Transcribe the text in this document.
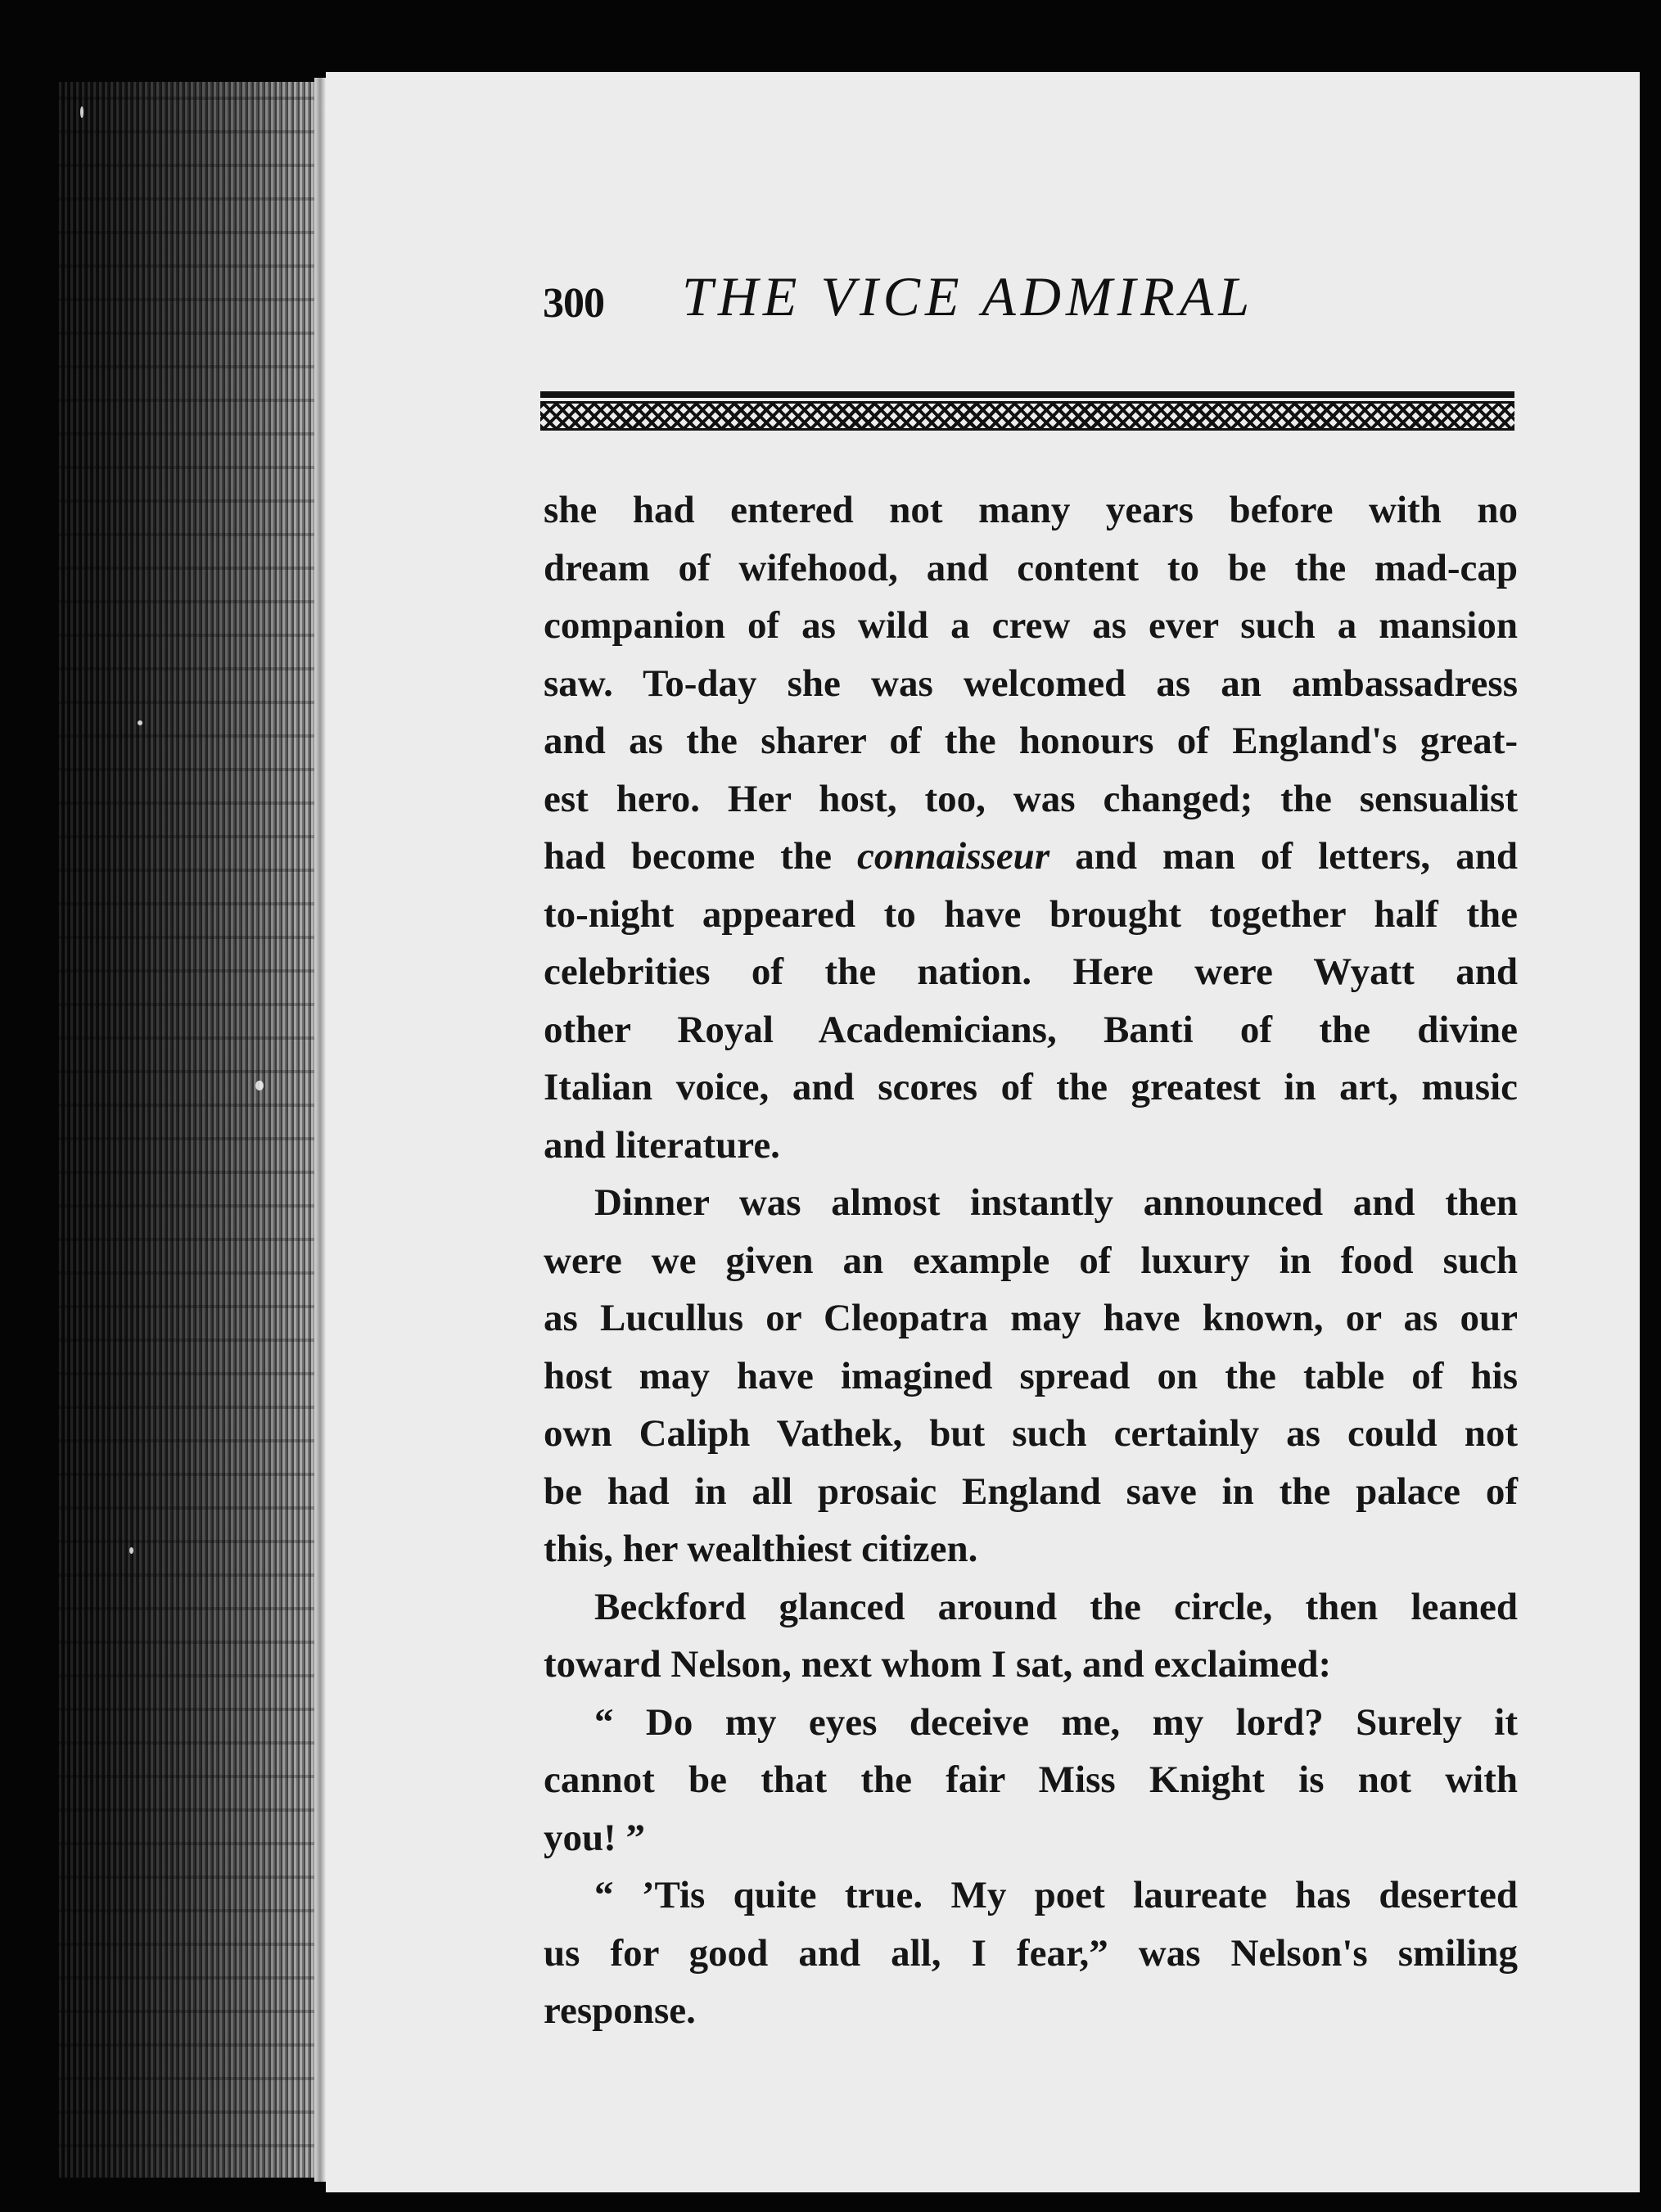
300 THE VICE ADMIRAL
she had entered not many years before with no
dream of wifehood, and content to be the mad-cap
companion of as wild a crew as ever such a mansion
saw. To-day she was welcomed as an ambassadress
and as the sharer of the honours of England's great-
est hero. Her host, too, was changed; the sensualist
had become the connaisseur and man of letters, and
to-night appeared to have brought together half the
celebrities of the nation. Here were Wyatt and
other Royal Academicians, Banti of the divine
Italian voice, and scores of the greatest in art, music
and literature.
Dinner was almost instantly announced and then
were we given an example of luxury in food such
as Lucullus or Cleopatra may have known, or as our
host may have imagined spread on the table of his
own Caliph Vathek, but such certainly as could not
be had in all prosaic England save in the palace of
this, her wealthiest citizen.
Beckford glanced around the circle, then leaned
toward Nelson, next whom I sat, and exclaimed:
“ Do my eyes deceive me, my lord? Surely it
cannot be that the fair Miss Knight is not with
you! ”
“ ’Tis quite true. My poet laureate has deserted
us for good and all, I fear,” was Nelson's smiling
response.
